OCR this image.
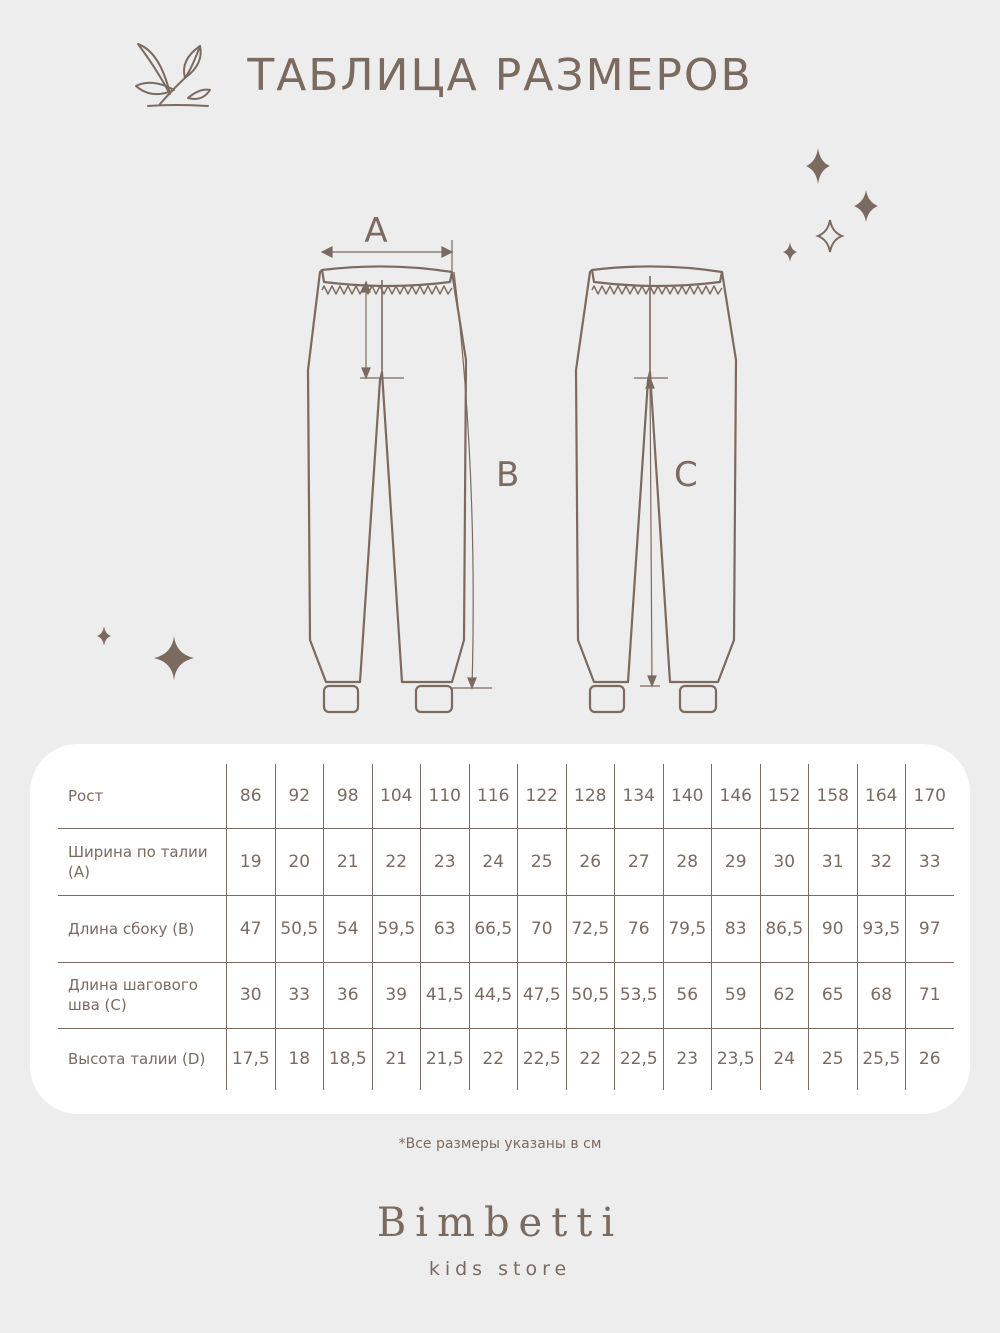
ТАБЛИЦА РАЗМЕРОВ
A
B	C
Рост	86	92	98	104	110	116	122	128	134	140	146	152	158	164	170
Ширина по талии (A)	19	20	21	22	23	24	25	26	27	28	29	30	31	32	33
Длина сбоку (B)	47	50,5	54	59,5	63	66,5	70	72,5	76	79,5	83	86,5	90	93,5	97
Длина шагового шва (C)	30	33	36	39	41,5	44,5	47,5	50,5	53,5	56	59	62	65	68	71
Высота талии (D)	17,5	18	18,5	21	21,5	22	22,5	22	22,5	23	23,5	24	25	25,5	26
*Все размеры указаны в см
Bimbetti
kids store
